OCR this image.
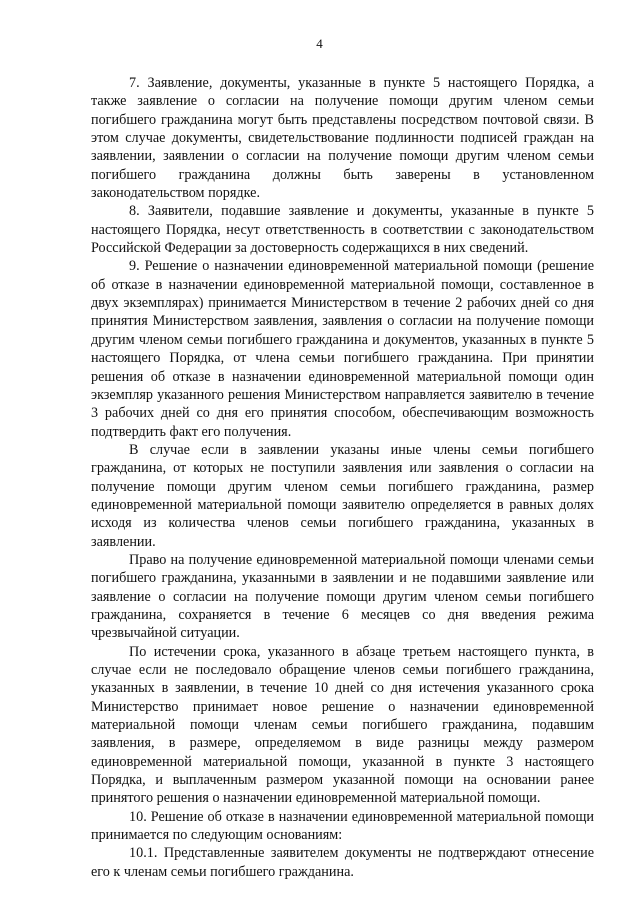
4

7. Заявление, документы, указанные в пункте 5 настоящего Порядка, а также заявление о согласии на получение помощи другим членом семьи погибшего гражданина могут быть представлены посредством почтовой связи. В этом случае документы, свидетельствование подлинности подписей граждан на заявлении, заявлении о согласии на получение помощи другим членом семьи погибшего гражданина должны быть заверены в установленном законодательством порядке.

8. Заявители, подавшие заявление и документы, указанные в пункте 5 настоящего Порядка, несут ответственность в соответствии с законодательством Российской Федерации за достоверность содержащихся в них сведений.

9. Решение о назначении единовременной материальной помощи (решение об отказе в назначении единовременной материальной помощи, составленное в двух экземплярах) принимается Министерством в течение 2 рабочих дней со дня принятия Министерством заявления, заявления о согласии на получение помощи другим членом семьи погибшего гражданина и документов, указанных в пункте 5 настоящего Порядка, от члена семьи погибшего гражданина. При принятии решения об отказе в назначении единовременной материальной помощи один экземпляр указанного решения Министерством направляется заявителю в течение 3 рабочих дней со дня его принятия способом, обеспечивающим возможность подтвердить факт его получения.

В случае если в заявлении указаны иные члены семьи погибшего гражданина, от которых не поступили заявления или заявления о согласии на получение помощи другим членом семьи погибшего гражданина, размер единовременной материальной помощи заявителю определяется в равных долях исходя из количества членов семьи погибшего гражданина, указанных в заявлении.

Право на получение единовременной материальной помощи членами семьи погибшего гражданина, указанными в заявлении и не подавшими заявление или заявление о согласии на получение помощи другим членом семьи погибшего гражданина, сохраняется в течение 6 месяцев со дня введения режима чрезвычайной ситуации.

По истечении срока, указанного в абзаце третьем настоящего пункта, в случае если не последовало обращение членов семьи погибшего гражданина, указанных в заявлении, в течение 10 дней со дня истечения указанного срока Министерство принимает новое решение о назначении единовременной материальной помощи членам семьи погибшего гражданина, подавшим заявления, в размере, определяемом в виде разницы между размером единовременной материальной помощи, указанной в пункте 3 настоящего Порядка, и выплаченным размером указанной помощи на основании ранее принятого решения о назначении единовременной материальной помощи.

10. Решение об отказе в назначении единовременной материальной помощи принимается по следующим основаниям:

10.1. Представленные заявителем документы не подтверждают отнесение его к членам семьи погибшего гражданина.
